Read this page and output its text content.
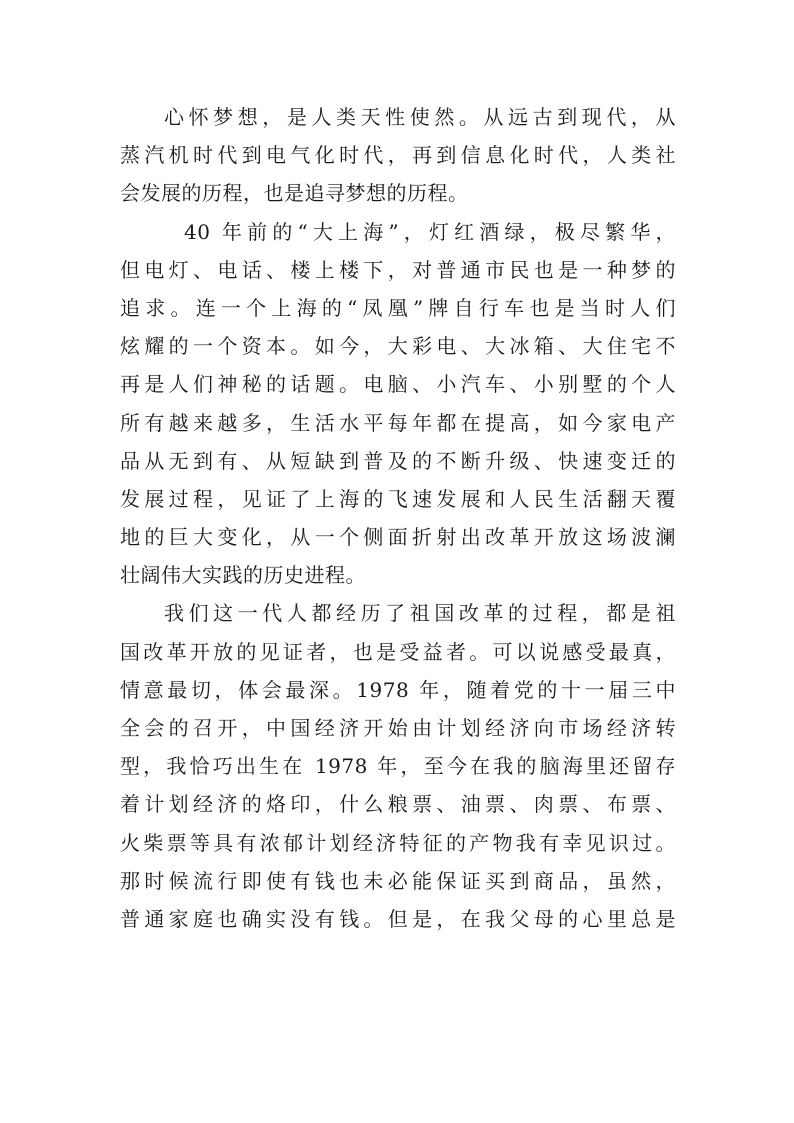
心怀梦想，是人类天性使然。从远古到现代，从
蒸汽机时代到电气化时代，再到信息化时代，人类社
会发展的历程，也是追寻梦想的历程。
40 年前的“大上海”，灯红酒绿，极尽繁华，
但电灯、电话、楼上楼下，对普通市民也是一种梦的
追求。连一个上海的“凤凰”牌自行车也是当时人们
炫耀的一个资本。如今，大彩电、大冰箱、大住宅不
再是人们神秘的话题。电脑、小汽车、小别墅的个人
所有越来越多，生活水平每年都在提高，如今家电产
品从无到有、从短缺到普及的不断升级、快速变迁的
发展过程，见证了上海的飞速发展和人民生活翻天覆
地的巨大变化，从一个侧面折射出改革开放这场波澜
壮阔伟大实践的历史进程。
我们这一代人都经历了祖国改革的过程，都是祖
国改革开放的见证者，也是受益者。可以说感受最真，
情意最切，体会最深。1978 年，随着党的十一届三中
全会的召开，中国经济开始由计划经济向市场经济转
型，我恰巧出生在 1978 年，至今在我的脑海里还留存
着计划经济的烙印，什么粮票、油票、肉票、布票、
火柴票等具有浓郁计划经济特征的产物我有幸见识过。
那时候流行即使有钱也未必能保证买到商品，虽然，
普通家庭也确实没有钱。但是，在我父母的心里总是
